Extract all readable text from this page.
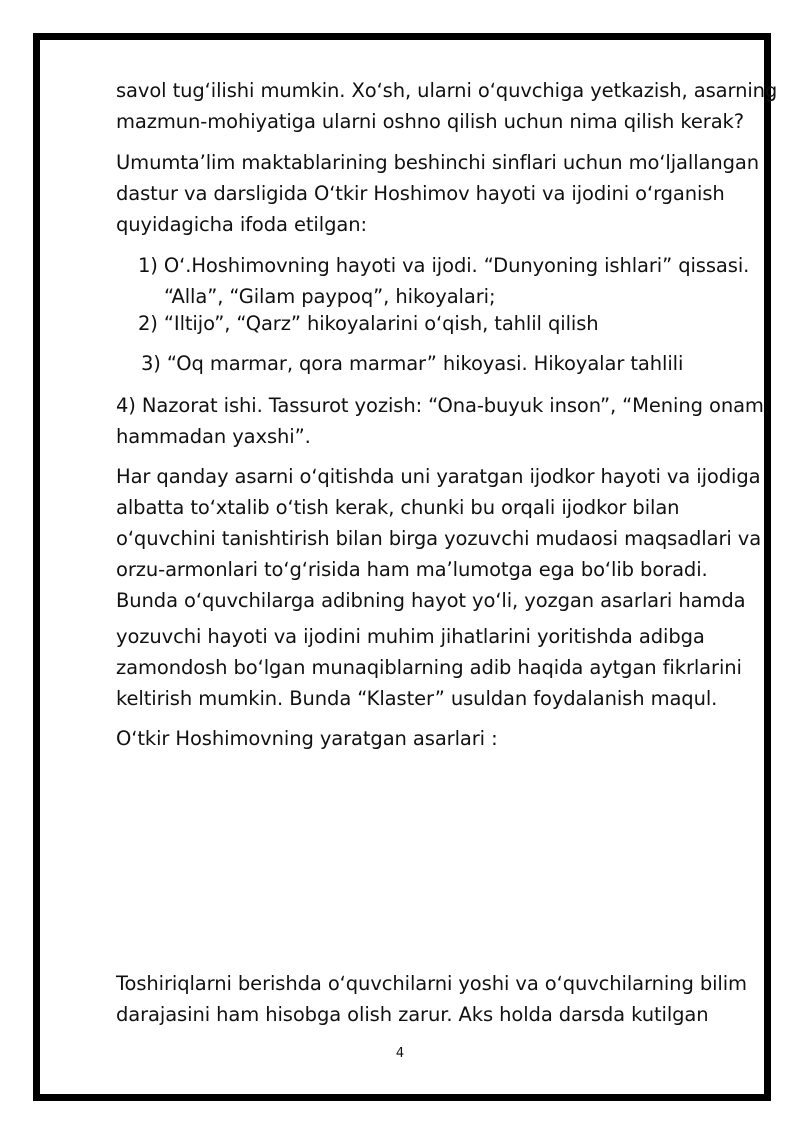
savol tugʻilishi mumkin. Xoʻsh, ularni oʻquvchiga yetkazish, asarning
mazmun-mohiyatiga ularni oshno qilish uchun nima qilish kerak?
Umumtaʼlim maktablarining beshinchi sinflari uchun moʻljallangan
dastur va darsligida Oʻtkir Hoshimov hayoti va ijodini oʻrganish
quyidagicha ifoda etilgan:
1) Oʻ.Hoshimovning hayoti va ijodi. “Dunyoning ishlari” qissasi.
“Alla”, “Gilam paypoq”, hikoyalari;
2) “Iltijo”, “Qarz” hikoyalarini oʻqish, tahlil qilish
3) “Oq marmar, qora marmar” hikoyasi. Hikoyalar tahlili
4) Nazorat ishi. Tassurot yozish: “Ona-buyuk inson”, “Mening onam
hammadan yaxshi”.
Har qanday asarni oʻqitishda uni yaratgan ijodkor hayoti va ijodiga
albatta toʻxtalib oʻtish kerak, chunki bu orqali ijodkor bilan
oʻquvchini tanishtirish bilan birga yozuvchi mudaosi maqsadlari va
orzu-armonlari toʻgʻrisida ham maʼlumotga ega boʻlib boradi.
Bunda oʻquvchilarga adibning hayot yoʻli, yozgan asarlari hamda
yozuvchi hayoti va ijodini muhim jihatlarini yoritishda adibga
zamondosh boʻlgan munaqiblarning adib haqida aytgan fikrlarini
keltirish mumkin. Bunda “Klaster” usuldan foydalanish maqul.
Oʻtkir Hoshimovning yaratgan asarlari :
Toshiriqlarni berishda oʻquvchilarni yoshi va oʻquvchilarning bilim
darajasini ham hisobga olish zarur. Aks holda darsda kutilgan
4
